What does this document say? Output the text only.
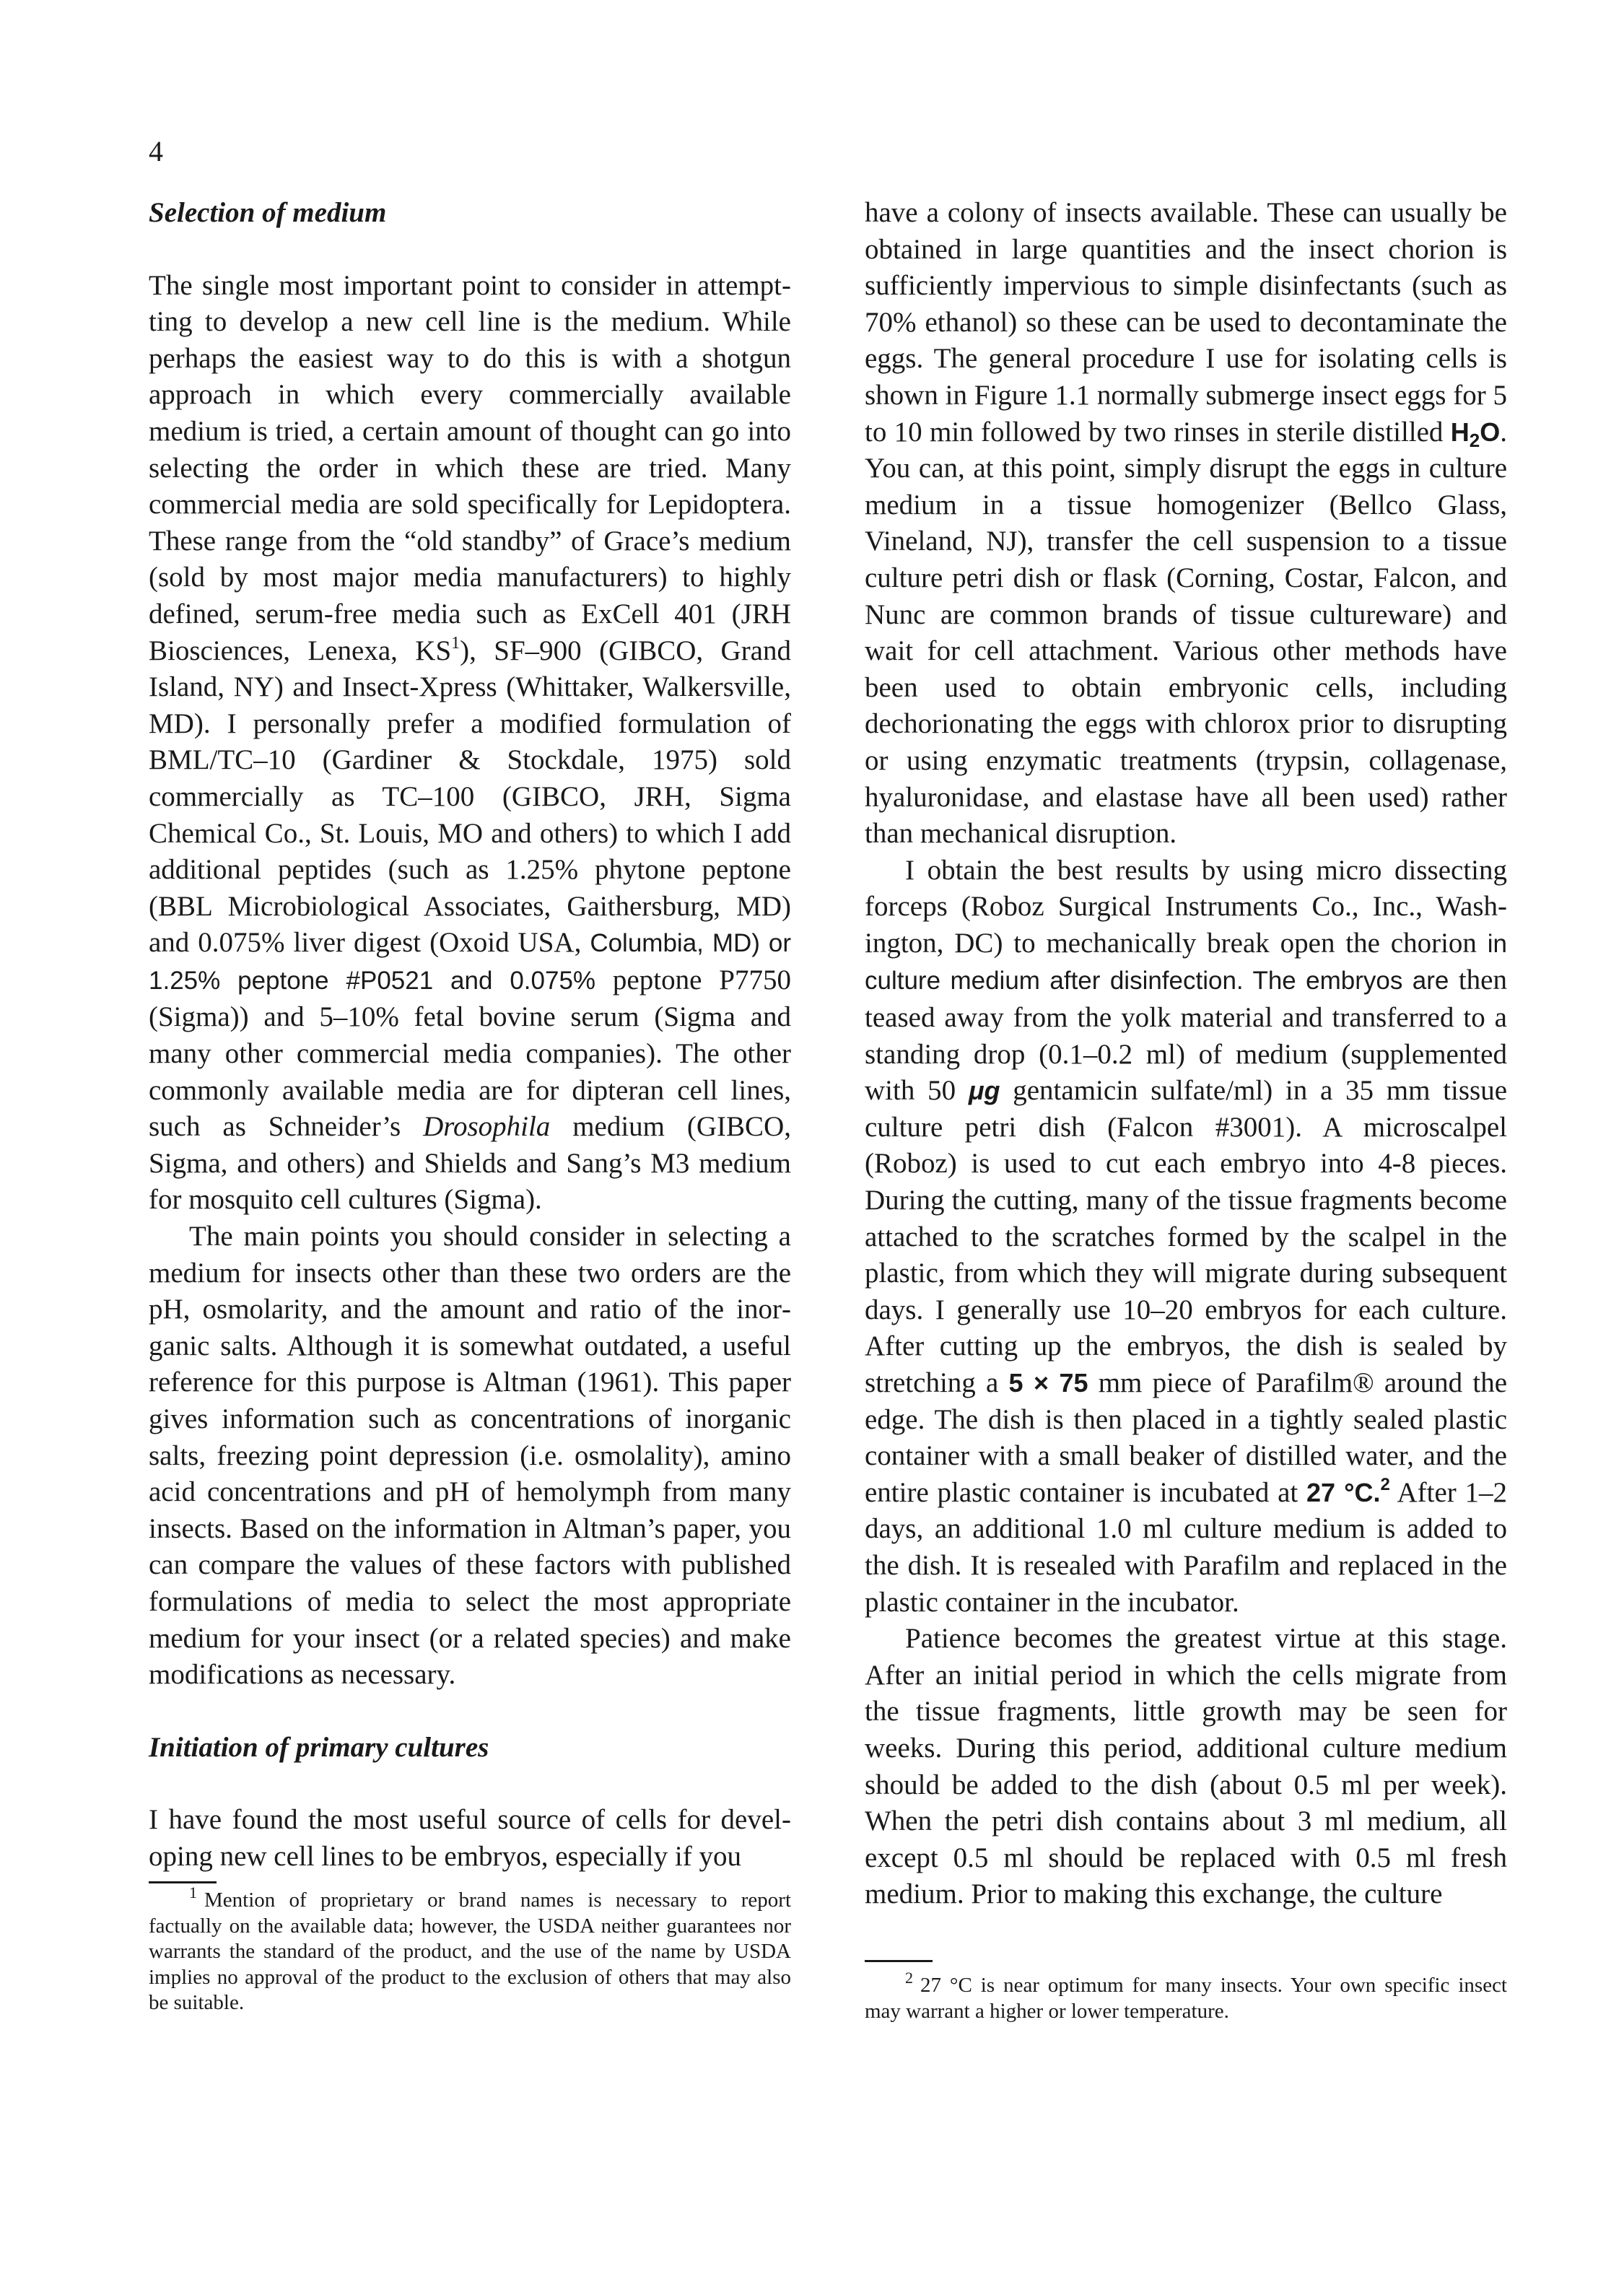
4
Selection of medium

The single most important point to consider in attemptting to develop a new cell line is the medium. While perhaps the easiest way to do this is with a shotgun approach in which every commercially available medium is tried, a certain amount of thought can go into selecting the order in which these are tried. Many commercial media are sold specifically for Lepidoptera. These range from the “old standby” of Grace’s medium (sold by most major media manufacturers) to highly defined, serum-free media such as ExCell 401 (JRH Biosciences, Lenexa, $KS^1$), SF–900 (GIBCO, Grand Island, NY) and Insect-Xpress (Whittaker, Walkersville, MD). I personally prefer a modified formulation of BML/TC–10 (Gardiner & Stockdale, 1975) sold commercially as TC–100 (GIBCO, JRH, Sigma Chemical Co., St. Louis, MO and others) to which I add additional peptides (such as 1.25% phytone peptone (BBL Microbiological Associates, Gaithersburg, MD) and 0.075% liver digest (Oxoid USA, Columbia, MD) or 1.25% peptone #P0521 and 0.075% peptone P7750 (Sigma)) and 5–10% fetal bovine serum (Sigma and many other commercial media companies). The other commonly available media are for dipteran cell lines, such as Schneider’s Drosophila medium (GIBCO, Sigma, and others) and Shields and Sang’s M3 medium for mosquito cell cultures (Sigma).

The main points you should consider in selecting a medium for insects other than these two orders are the pH, osmolarity, and the amount and ratio of the inorganic salts. Although it is somewhat outdated, a useful reference for this purpose is Altman (1961). This paper gives information such as concentrations of inorganic salts, freezing point depression (i.e. osmolality), amino acid concentrations and pH of hemolymph from many insects. Based on the information in Altman’s paper, you can compare the values of these factors with published formulations of media to select the most appropriate medium for your insect (or a related species) and make modifications as necessary.

Initiation of primary cultures

I have found the most useful source of cells for developing new cell lines to be embryos, especially if you

$^1$ Mention of proprietary or brand names is necessary to report factually on the available data; however, the USDA neither guarantees nor warrants the standard of the product, and the use of the name by USDA implies no approval of the product to the exclusion of others that may also be suitable.

have a colony of insects available. These can usually be obtained in large quantities and the insect chorion is sufficiently impervious to simple disinfectants (such as 70% ethanol) so these can be used to decontaminate the eggs. The general procedure I use for isolating cells is shown in Figure 1.1 normally submerge insect eggs for 5 to 10 min followed by two rinses in sterile distilled $H_2O$. You can, at this point, simply disrupt the eggs in culture medium in a tissue homogenizer (Bellco Glass, Vineland, NJ), transfer the cell suspension to a tissue culture petri dish or flask (Corning, Costar, Falcon, and Nunc are common brands of tissue cultureware) and wait for cell attachment. Various other methods have been used to obtain embryonic cells, including dechorionating the eggs with chlorox prior to disrupting or using enzymatic treatments (trypsin, collagenase, hyaluronidase, and elastase have all been used) rather than mechanical disruption.

I obtain the best results by using micro dissecting forceps (Roboz Surgical Instruments Co., Inc., Washington, DC) to mechanically break open the chorion in culture medium after disinfection. The embryos are then teased away from the yolk material and transferred to a standing drop (0.1–0.2 ml) of medium (supplemented with 50 μg gentamicin sulfate/ml) in a 35 mm tissue culture petri dish (Falcon #3001). A microscalpel (Roboz) is used to cut each embryo into 4-8 pieces. During the cutting, many of the tissue fragments become attached to the scratches formed by the scalpel in the plastic, from which they will migrate during subsequent days. I generally use 10–20 embryos for each culture. After cutting up the embryos, the dish is sealed by stretching a 5 × 75 mm piece of Parafilm® around the edge. The dish is then placed in a tightly sealed plastic container with a small beaker of distilled water, and the entire plastic container is incubated at 27 °C.$^2$ After 1–2 days, an additional 1.0 ml culture medium is added to the dish. It is resealed with Parafilm and replaced in the plastic container in the incubator.

Patience becomes the greatest virtue at this stage. After an initial period in which the cells migrate from the tissue fragments, little growth may be seen for weeks. During this period, additional culture medium should be added to the dish (about 0.5 ml per week). When the petri dish contains about 3 ml medium, all except 0.5 ml should be replaced with 0.5 ml fresh medium. Prior to making this exchange, the culture

$^2$ 27 °C is near optimum for many insects. Your own specific insect may warrant a higher or lower temperature.
